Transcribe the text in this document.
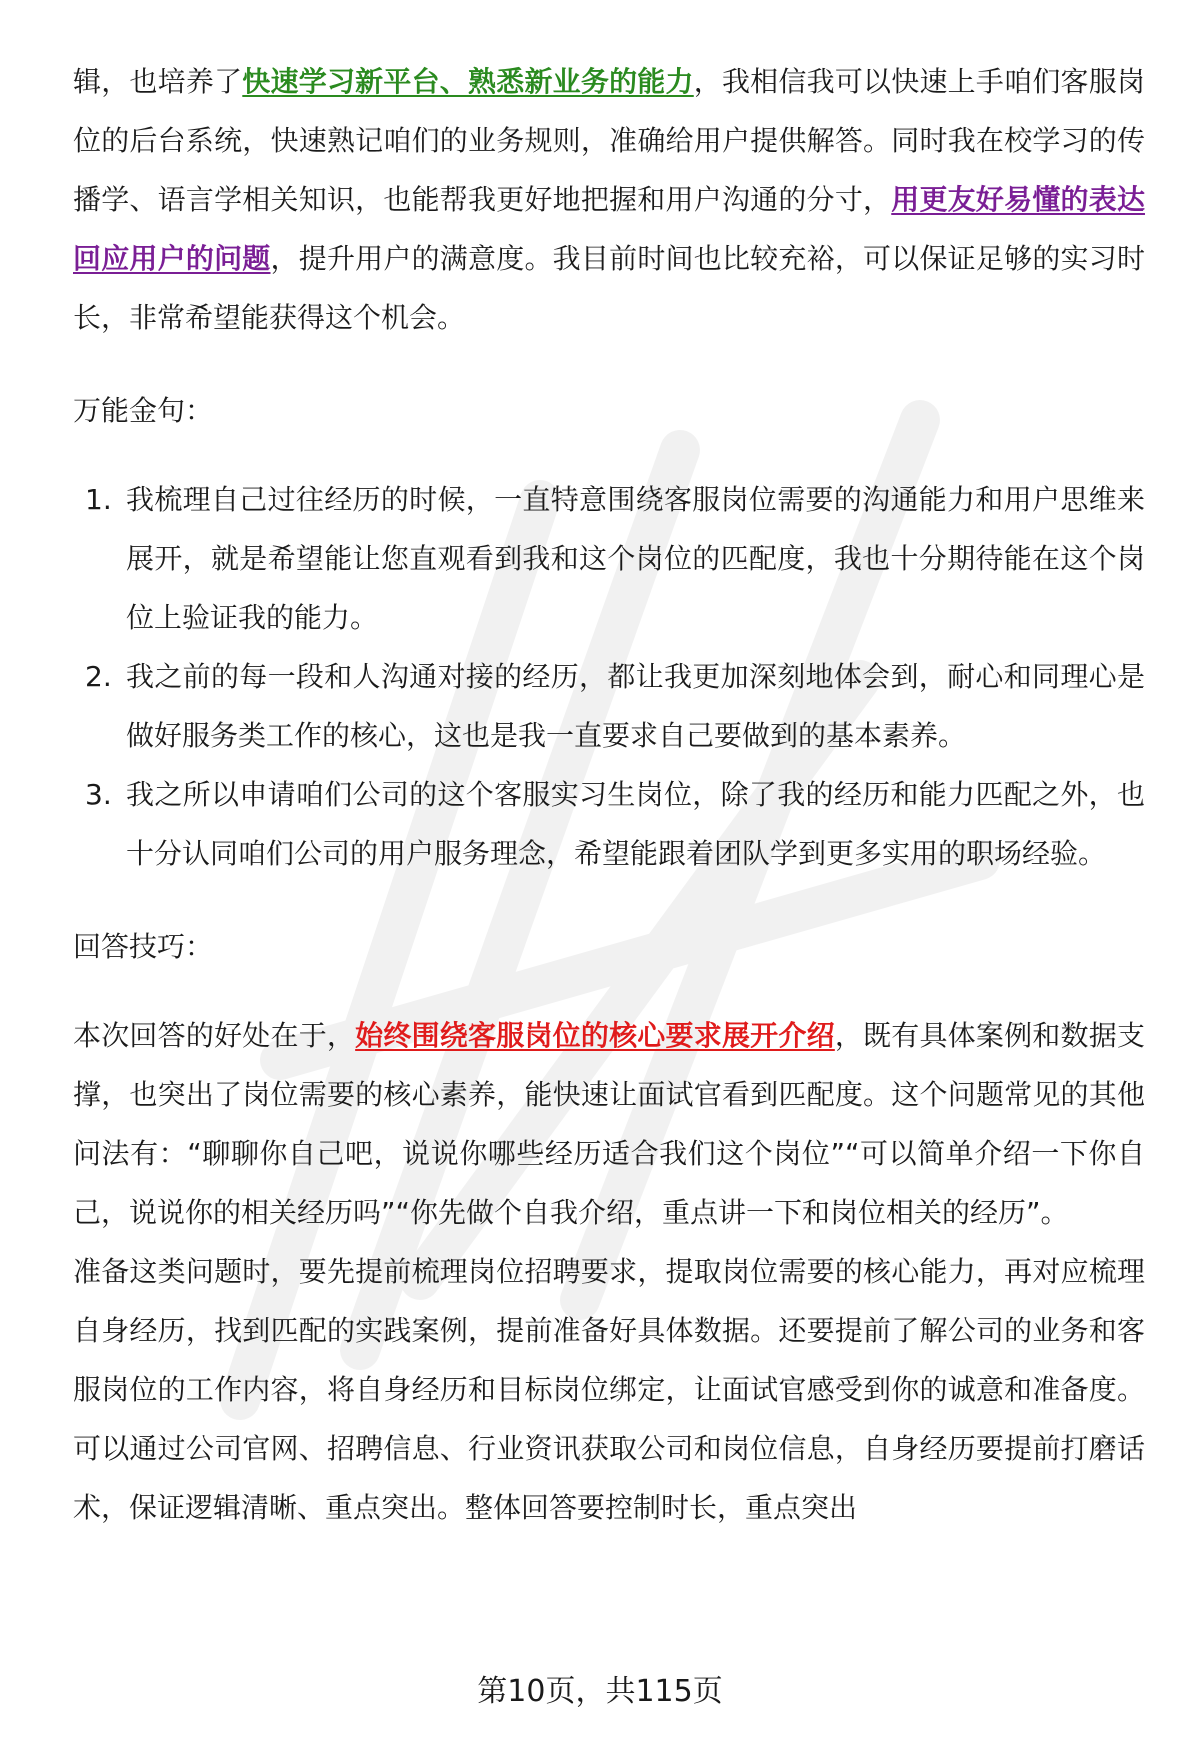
辑，也培养了快速学习新平台、熟悉新业务的能力，我相信我可以快速上手咱们客服岗位的后台系统，快速熟记咱们的业务规则，准确给用户提供解答。同时我在校学习的传播学、语言学相关知识，也能帮我更好地把握和用户沟通的分寸，用更友好易懂的表达回应用户的问题，提升用户的满意度。我目前时间也比较充裕，可以保证足够的实习时长，非常希望能获得这个机会。

万能金句：

1. 我梳理自己过往经历的时候，一直特意围绕客服岗位需要的沟通能力和用户思维来展开，就是希望能让您直观看到我和这个岗位的匹配度，我也十分期待能在这个岗位上验证我的能力。
2. 我之前的每一段和人沟通对接的经历，都让我更加深刻地体会到，耐心和同理心是做好服务类工作的核心，这也是我一直要求自己要做到的基本素养。
3. 我之所以申请咱们公司的这个客服实习生岗位，除了我的经历和能力匹配之外，也十分认同咱们公司的用户服务理念，希望能跟着团队学到更多实用的职场经验。

回答技巧：

本次回答的好处在于，始终围绕客服岗位的核心要求展开介绍，既有具体案例和数据支撑，也突出了岗位需要的核心素养，能快速让面试官看到匹配度。这个问题常见的其他问法有：“聊聊你自己吧，说说你哪些经历适合我们这个岗位”“可以简单介绍一下你自己，说说你的相关经历吗”“你先做个自我介绍，重点讲一下和岗位相关的经历”。

准备这类问题时，要先提前梳理岗位招聘要求，提取岗位需要的核心能力，再对应梳理自身经历，找到匹配的实践案例，提前准备好具体数据。还要提前了解公司的业务和客服岗位的工作内容，将自身经历和目标岗位绑定，让面试官感受到你的诚意和准备度。可以通过公司官网、招聘信息、行业资讯获取公司和岗位信息，自身经历要提前打磨话术，保证逻辑清晰、重点突出。整体回答要控制时长，重点突出

第10页，共115页
